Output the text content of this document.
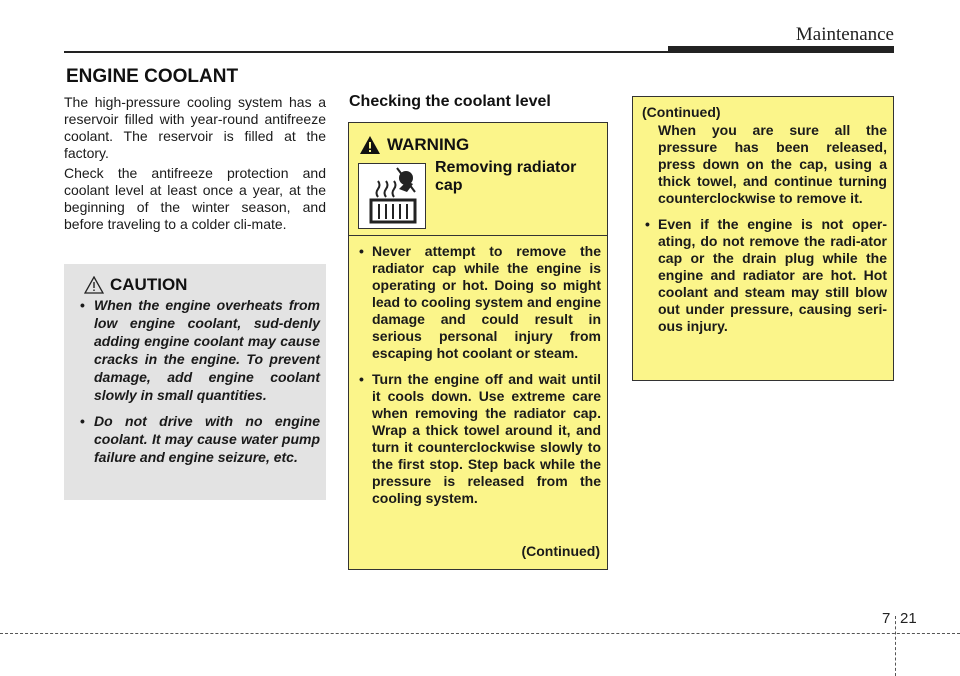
Maintenance
ENGINE COOLANT

The high-pressure cooling system has a reservoir filled with year-round antifreeze coolant. The reservoir is filled at the factory.

Check the antifreeze protection and coolant level at least once a year, at the beginning of the winter season, and before traveling to a colder cli-mate.

CAUTION
• When the engine overheats from low engine coolant, sud-denly adding engine coolant may cause cracks in the engine. To prevent damage, add engine coolant slowly in small quantities.
• Do not drive with no engine coolant. It may cause water pump failure and engine seizure, etc.
Checking the coolant level
WARNING

Removing radiator cap

• Never attempt to remove the radiator cap while the engine is operating or hot. Doing so might lead to cooling system and engine damage and could result in serious personal injury from escaping hot coolant or steam.
• Turn the engine off and wait until it cools down. Use extreme care when removing the radiator cap. Wrap a thick towel around it, and turn it counterclockwise slowly to the first stop. Step back while the pressure is released from the cooling system.
(Continued)
(Continued)
When you are sure all the pressure has been released, press down on the cap, using a thick towel, and continue turning counterclockwise to remove it.
• Even if the engine is not oper-ating, do not remove the radi-ator cap or the drain plug while the engine and radiator are hot. Hot coolant and steam may still blow out under pressure, causing seri-ous injury.
7 21
